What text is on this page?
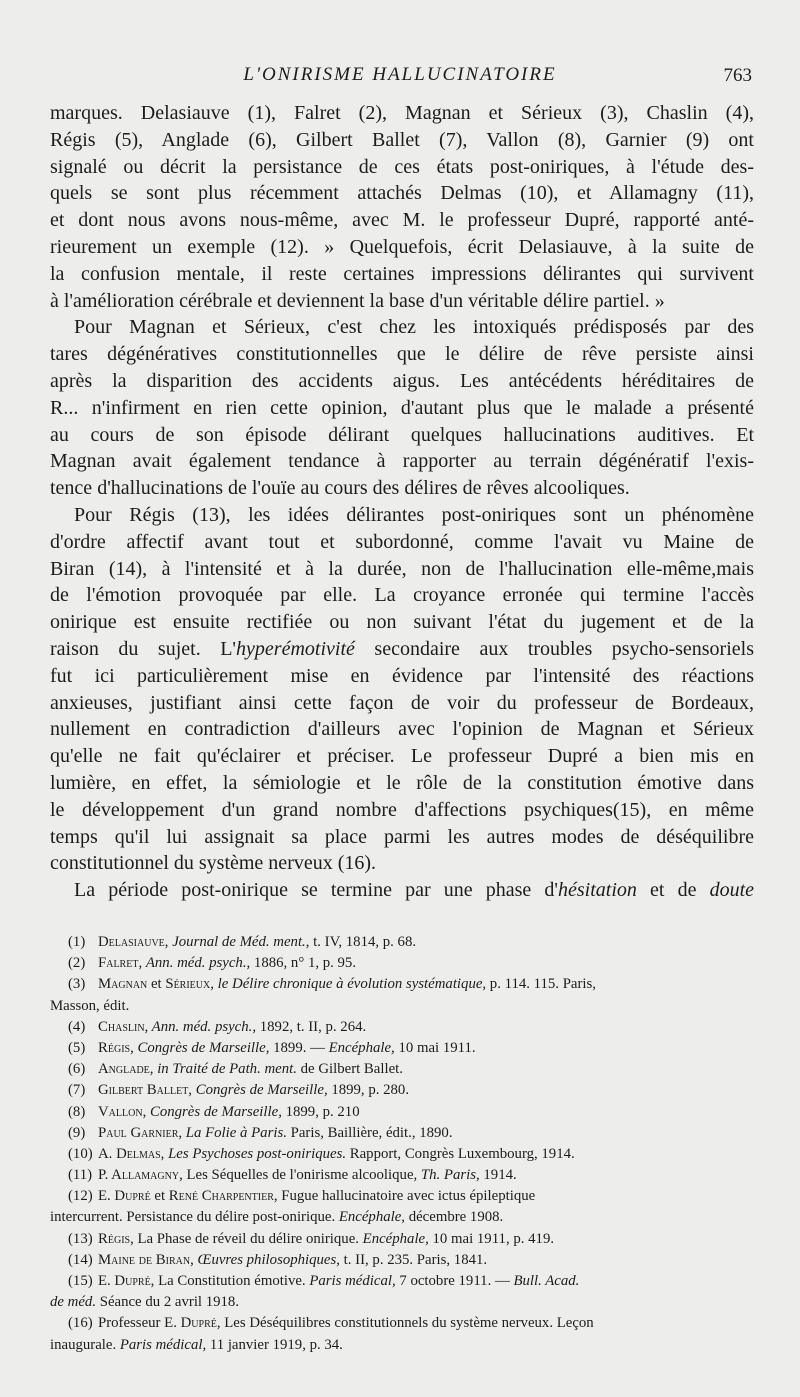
L'ONIRISME HALLUCINATOIRE	763
marques. Delasiauve (1), Falret (2), Magnan et Sérieux (3), Chaslin (4),
Régis (5), Anglade (6), Gilbert Ballet (7), Vallon (8), Garnier (9) ont
signalé ou décrit la persistance de ces états post-oniriques, à l'étude des-
quels se sont plus récemment attachés Delmas (10), et Allamagny (11),
et dont nous avons nous-même, avec M. le professeur Dupré, rapporté anté-
rieurement un exemple (12). » Quelquefois, écrit Delasiauve, à la suite de
la confusion mentale, il reste certaines impressions délirantes qui survivent
à l'amélioration cérébrale et deviennent la base d'un véritable délire partiel. »
Pour Magnan et Sérieux, c'est chez les intoxiqués prédisposés par des
tares dégénératives constitutionnelles que le délire de rêve persiste ainsi
après la disparition des accidents aigus. Les antécédents héréditaires de
R... n'infirment en rien cette opinion, d'autant plus que le malade a présenté
au cours de son épisode délirant quelques hallucinations auditives. Et
Magnan avait également tendance à rapporter au terrain dégénératif l'exis-
tence d'hallucinations de l'ouïe au cours des délires de rêves alcooliques.
Pour Régis (13), les idées délirantes post-oniriques sont un phénomène
d'ordre affectif avant tout et subordonné, comme l'avait vu Maine de
Biran (14), à l'intensité et à la durée, non de l'hallucination elle-même,mais
de l'émotion provoquée par elle. La croyance erronée qui termine l'accès
onirique est ensuite rectifiée ou non suivant l'état du jugement et de la
raison du sujet. L'hyperémotivité secondaire aux troubles psycho-sensoriels
fut ici particulièrement mise en évidence par l'intensité des réactions
anxieuses, justifiant ainsi cette façon de voir du professeur de Bordeaux,
nullement en contradiction d'ailleurs avec l'opinion de Magnan et Sérieux
qu'elle ne fait qu'éclairer et préciser. Le professeur Dupré a bien mis en
lumière, en effet, la sémiologie et le rôle de la constitution émotive dans
le développement d'un grand nombre d'affections psychiques(15), en même
temps qu'il lui assignait sa place parmi les autres modes de déséquilibre
constitutionnel du système nerveux (16).
La période post-onirique se termine par une phase d'hésitation et de doute
(1) Delasiauve, Journal de Méd. ment., t. IV, 1814, p. 68.
(2) Falret, Ann. méd. psych., 1886, n° 1, p. 95.
(3) Magnan et Sérieux, le Délire chronique à évolution systématique, p. 114. 115. Paris,
Masson, édit.
(4) Chaslin, Ann. méd. psych., 1892, t. II, p. 264.
(5) Régis, Congrès de Marseille, 1899. — Encéphale, 10 mai 1911.
(6) Anglade, in Traité de Path. ment. de Gilbert Ballet.
(7) Gilbert Ballet, Congrès de Marseille, 1899, p. 280.
(8) Vallon, Congrès de Marseille, 1899, p. 210
(9) Paul Garnier, La Folie à Paris. Paris, Baillière, édit., 1890.
(10) A. Delmas, Les Psychoses post-oniriques. Rapport, Congrès Luxembourg, 1914.
(11) P. Allamagny, Les Séquelles de l'onirisme alcoolique, Th. Paris, 1914.
(12) E. Dupré et René Charpentier, Fugue hallucinatoire avec ictus épileptique
intercurrent. Persistance du délire post-onirique. Encéphale, décembre 1908.
(13) Régis, La Phase de réveil du délire onirique. Encéphale, 10 mai 1911, p. 419.
(14) Maine de Biran, Œuvres philosophiques, t. II, p. 235. Paris, 1841.
(15) E. Dupré, La Constitution émotive. Paris médical, 7 octobre 1911. — Bull. Acad.
de méd. Séance du 2 avril 1918.
(16) Professeur E. Dupré, Les Déséquilibres constitutionnels du système nerveux. Leçon
inaugurale. Paris médical, 11 janvier 1919, p. 34.
